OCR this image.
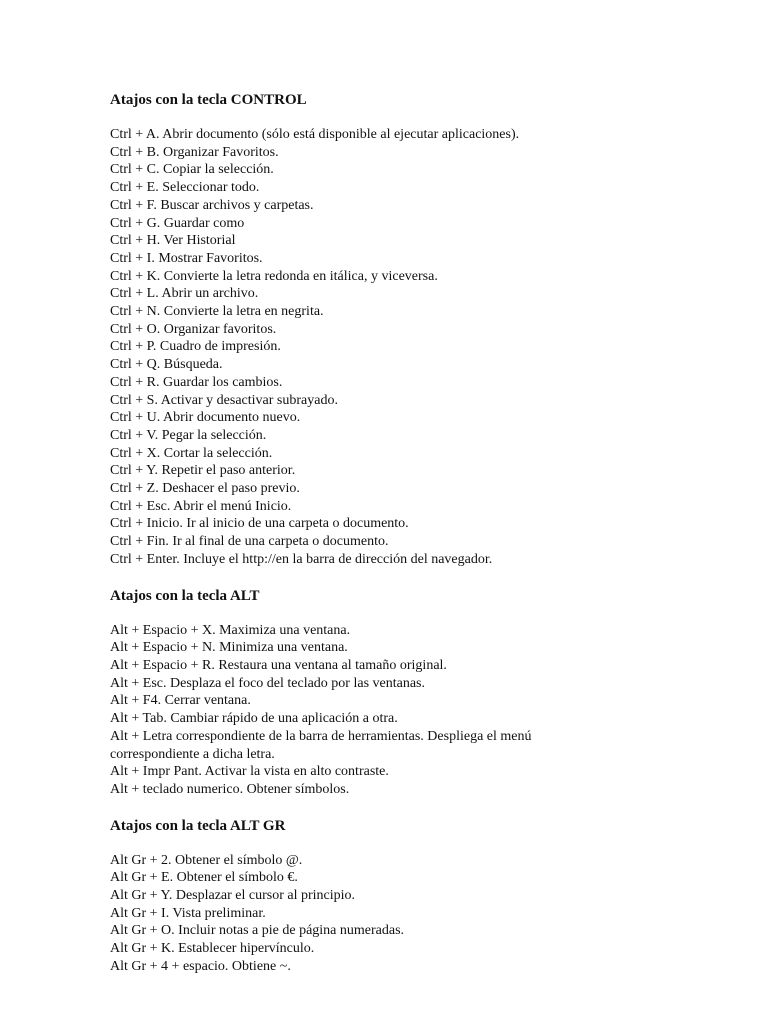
Atajos con la tecla CONTROL
Ctrl + A. Abrir documento (sólo está disponible al ejecutar aplicaciones).
Ctrl + B. Organizar Favoritos.
Ctrl + C. Copiar la selección.
Ctrl + E. Seleccionar todo.
Ctrl + F. Buscar archivos y carpetas.
Ctrl + G. Guardar como
Ctrl + H. Ver Historial
Ctrl + I. Mostrar Favoritos.
Ctrl + K. Convierte la letra redonda en itálica, y viceversa.
Ctrl + L. Abrir un archivo.
Ctrl + N. Convierte la letra en negrita.
Ctrl + O. Organizar favoritos.
Ctrl + P. Cuadro de impresión.
Ctrl + Q. Búsqueda.
Ctrl + R. Guardar los cambios.
Ctrl + S. Activar y desactivar subrayado.
Ctrl + U. Abrir documento nuevo.
Ctrl + V. Pegar la selección.
Ctrl + X. Cortar la selección.
Ctrl + Y. Repetir el paso anterior.
Ctrl + Z. Deshacer el paso previo.
Ctrl + Esc. Abrir el menú Inicio.
Ctrl + Inicio. Ir al inicio de una carpeta o documento.
Ctrl + Fin. Ir al final de una carpeta o documento.
Ctrl + Enter. Incluye el http://en la barra de dirección del navegador.
Atajos con la tecla ALT
Alt + Espacio + X. Maximiza una ventana.
Alt + Espacio + N. Minimiza una ventana.
Alt + Espacio + R. Restaura una ventana al tamaño original.
Alt + Esc. Desplaza el foco del teclado por las ventanas.
Alt + F4. Cerrar ventana.
Alt + Tab. Cambiar rápido de una aplicación a otra.
Alt + Letra correspondiente de la barra de herramientas. Despliega el menú correspondiente a dicha letra.
Alt + Impr Pant. Activar la vista en alto contraste.
Alt + teclado numerico. Obtener símbolos.
Atajos con la tecla ALT GR
Alt Gr + 2. Obtener el símbolo @.
Alt Gr + E. Obtener el símbolo €.
Alt Gr + Y. Desplazar el cursor al principio.
Alt Gr + I. Vista preliminar.
Alt Gr + O. Incluir notas a pie de página numeradas.
Alt Gr + K. Establecer hipervínculo.
Alt Gr + 4 + espacio. Obtiene ~.
